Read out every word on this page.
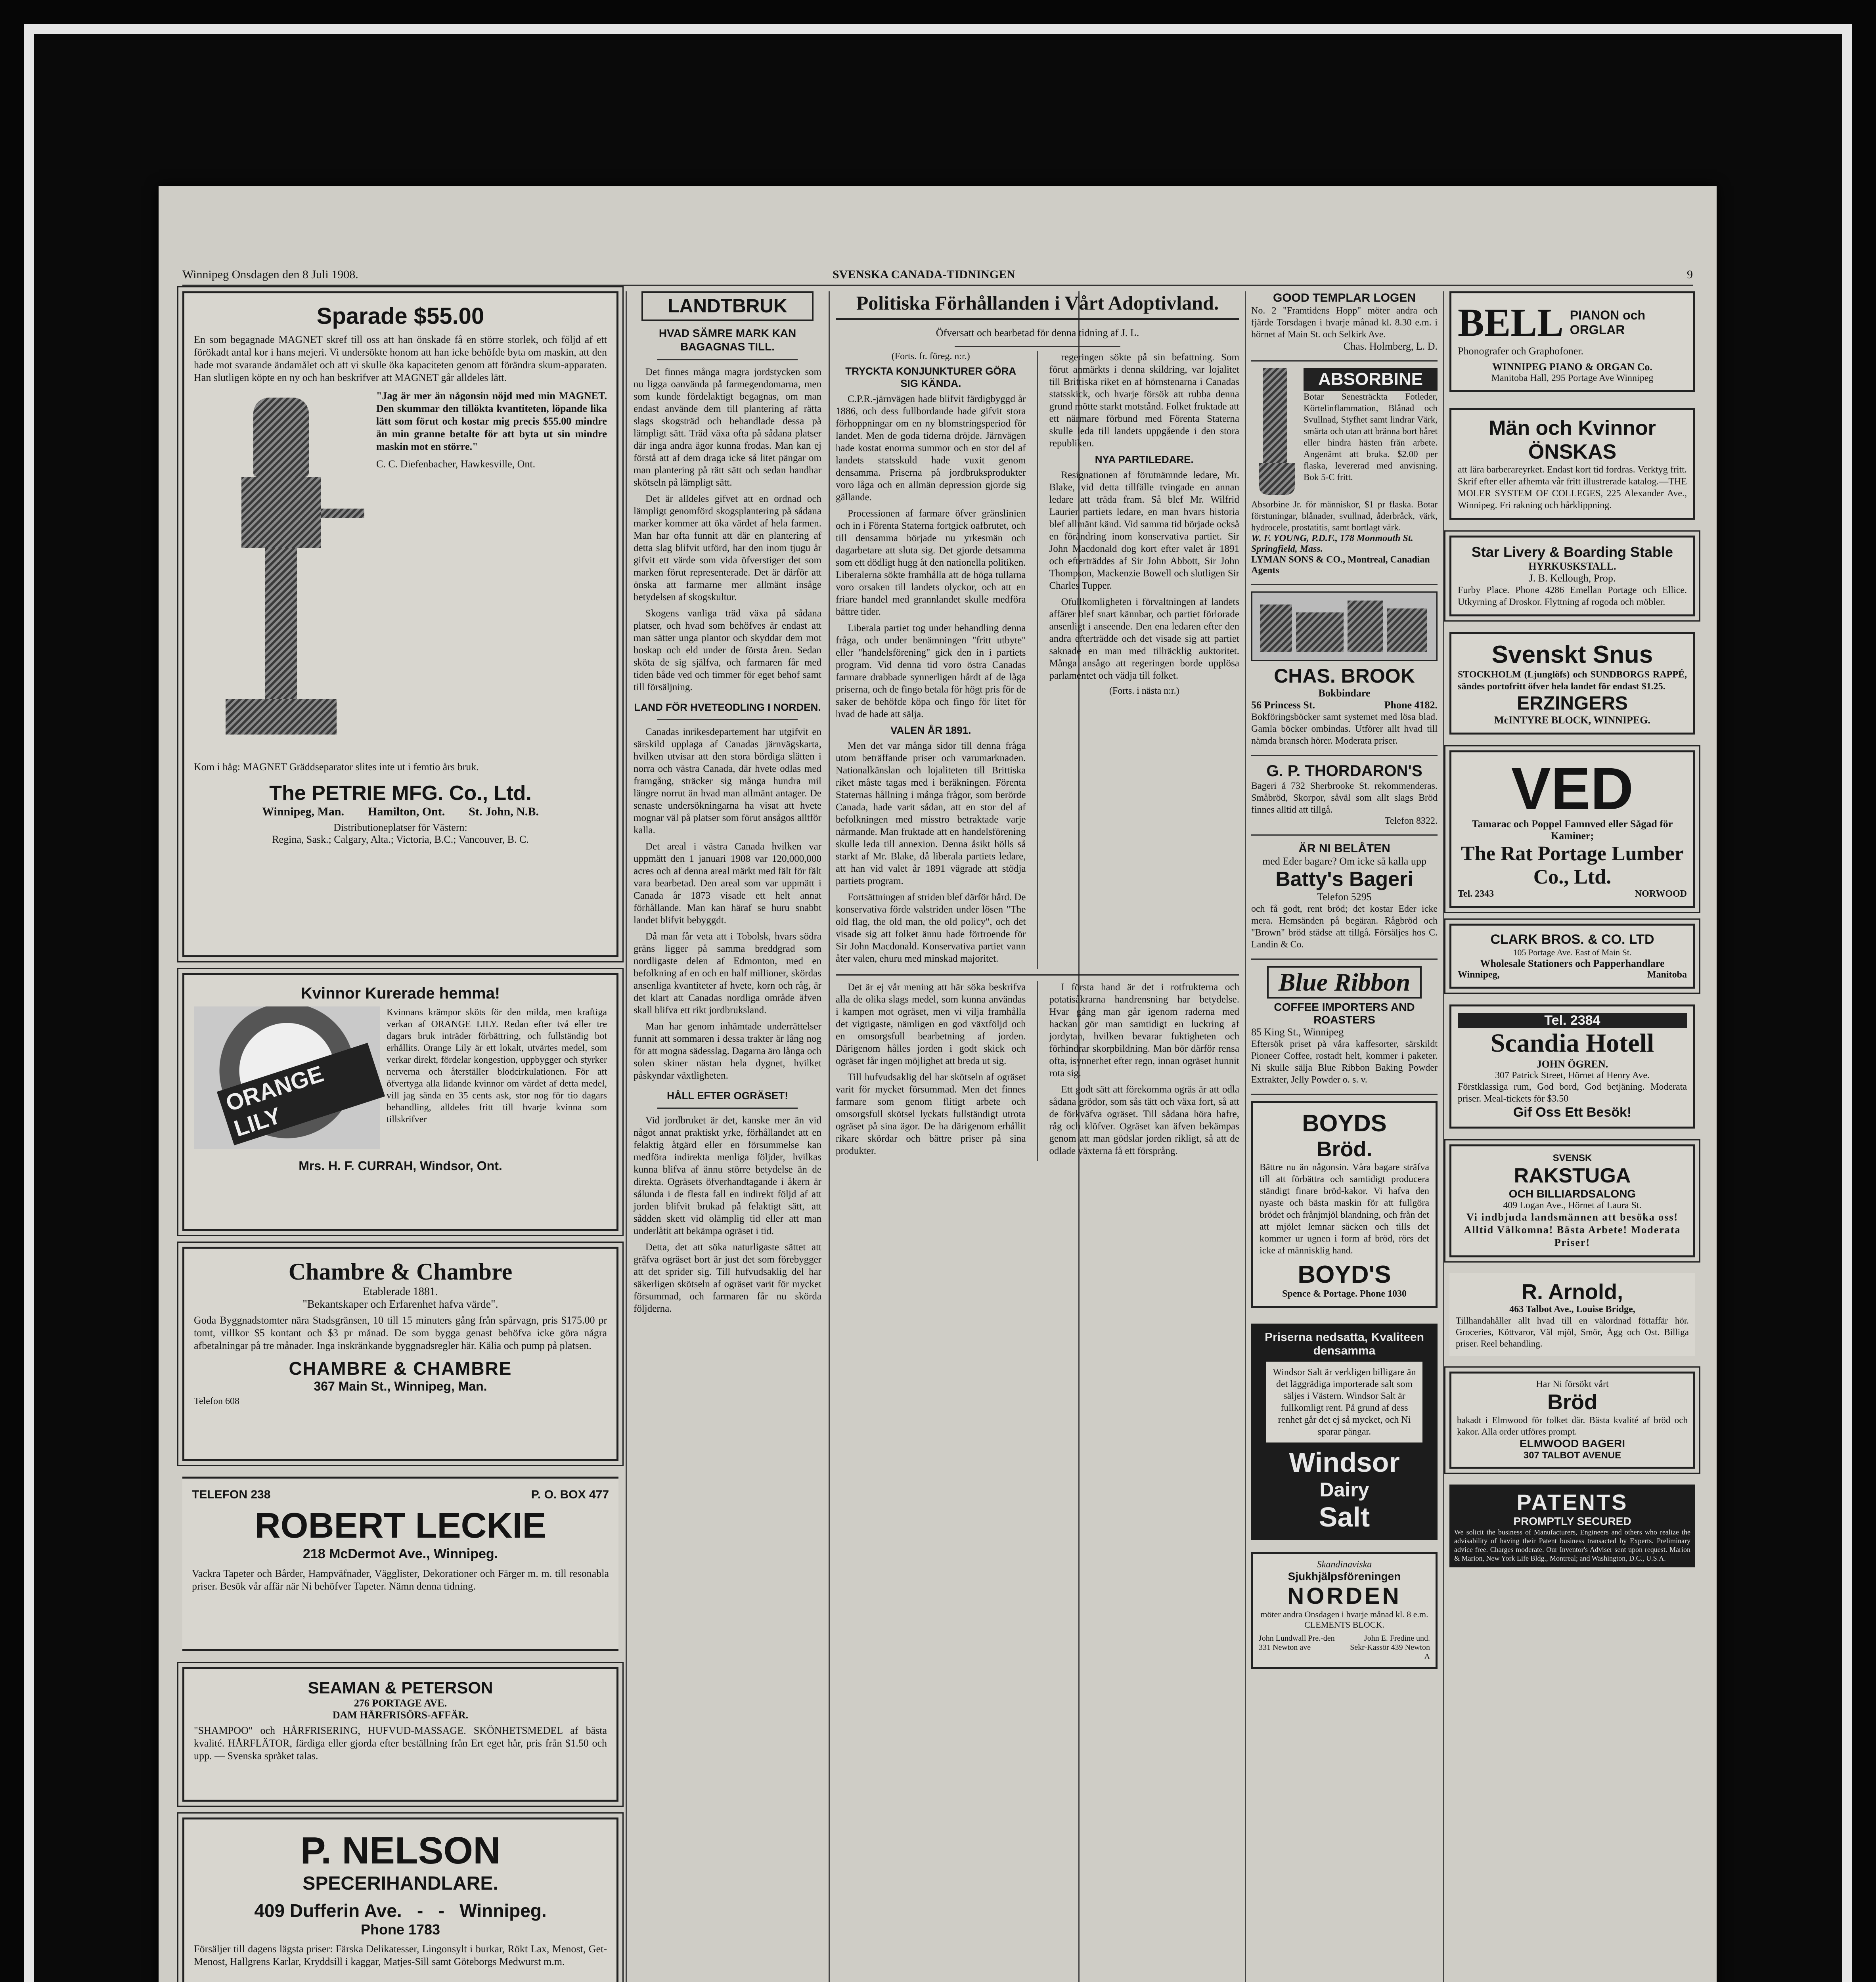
Winnipeg Onsdagen den 8 Juli 1908.	SVENSKA CANADA-TIDNINGEN	9
Sparade $55.00
En som begagnade MAGNET skref till oss att han önskade få en större storlek, och följd af ett förökadt antal kor i hans mejeri. Vi undersökte honom att han icke behöfde byta om maskin, att den hade mot svarande ändamålet och att vi skulle öka kapaciteten genom att förändra skum-apparaten. Han slutligen köpte en ny och han beskrifver att MAGNET går alldeles lätt.
"Jag är mer än någonsin nöjd med min MAGNET. Den skummar den tillökta kvantiteten, löpande lika lätt som förut och kostar mig precis $55.00 mindre än min granne betalte för att byta ut sin mindre maskin mot en större."
C. C. Diefenbacher, Hawkesville, Ont.
Kom i håg: MAGNET Gräddseparator slites inte ut i femtio års bruk.
The PETRIE MFG. Co., Ltd.
Winnipeg, Man.        Hamilton, Ont.        St. John, N.B.
Distributioneplatser för Västern:
Regina, Sask.; Calgary, Alta.; Victoria, B.C.; Vancouver, B. C.
Kvinnor Kurerade hemma!
ORANGE LILY
Kvinnans krämpor sköts för den milda, men kraftiga verkan af ORANGE LILY. Redan efter två eller tre dagars bruk inträder förbättring, och fullständig bot erhållits. Orange Lily är ett lokalt, utvärtes medel, som verkar direkt, fördelar kongestion, uppbygger och styrker nerverna och återställer blodcirkulationen. För att öfvertyga alla lidande kvinnor om värdet af detta medel, vill jag sända en 35 cents ask, stor nog för tio dagars behandling, alldeles fritt till hvarje kvinna som tillskrifver
Mrs. H. F. CURRAH, Windsor, Ont.
Chambre & Chambre
Etablerade 1881.
"Bekantskaper och Erfarenhet hafva värde".
Goda Byggnadstomter nära Stadsgränsen, 10 till 15 minuters gång från spårvagn, pris $175.00 pr tomt, villkor $5 kontant och $3 pr månad. De som bygga genast behöfva icke göra några afbetalningar på tre månader. Inga inskränkande byggnadsregler här. Kälia och pump på platsen.
CHAMBRE & CHAMBRE
367 Main St., Winnipeg, Man.
Telefon 608
TELEFON 238	P. O. BOX 477
ROBERT LECKIE
218 McDermot Ave., Winnipeg.
Vackra Tapeter och Bårder, Hampväfnader, Vägglister, Dekorationer och Färger m. m. till resonabla priser. Besök vår affär när Ni behöfver Tapeter. Nämn denna tidning.
SEAMAN & PETERSON
276 PORTAGE AVE.
DAM HÅRFRISÖRS-AFFÄR.
"SHAMPOO" och HÅRFRISERING, HUFVUD-MASSAGE. SKÖNHETSMEDEL af bästa kvalité. HÅRFLÄTOR, färdiga eller gjorda efter beställning från Ert eget hår, pris från $1.50 och upp. — Svenska språket talas.
P. NELSON
SPECERIHANDLARE.
409 Dufferin Ave.   -   -   Winnipeg.
Phone 1783
Försäljer till dagens lägsta priser: Färska Delikatesser, Lingonsylt i burkar, Rökt Lax, Menost, Get-Menost, Hallgrens Karlar, Kryddsill i kaggar, Matjes-Sill samt Göteborgs Medwurst m.m.
LANDTBRUK
HVAD SÄMRE MARK KAN BAGAGNAS TILL.

Det finnes många magra jordstycken som nu ligga oanvända på farmegendomarna, men som kunde fördelaktigt begagnas, om man endast använde dem till plantering af rätta slags skogsträd och behandlade dessa på lämpligt sätt. Träd växa ofta på sådana platser där inga andra ägor kunna frodas. Man kan ej förstå att af dem draga icke så litet pängar om man plantering på rätt sätt och sedan handhar skötseln på lämpligt sätt.

Det är alldeles gifvet att en ordnad och lämpligt genomförd skogsplantering på sådana marker kommer att öka värdet af hela farmen. Man har ofta funnit att där en plantering af detta slag blifvit utförd, har den inom tjugu år gifvit ett värde som vida öfverstiger det som marken förut representerade. Det är därför att önska att farmarne mer allmänt insåge betydelsen af skogskultur.

Skogens vanliga träd växa på sådana platser, och hvad som behöfves är endast att man sätter unga plantor och skyddar dem mot boskap och eld under de första åren. Sedan sköta de sig själfva, och farmaren får med tiden både ved och timmer för eget behof samt till försäljning.

LAND FÖR HVETEODLING I NORDEN.

Canadas inrikesdepartement har utgifvit en särskild upplaga af Canadas järnvägskarta, hvilken utvisar att den stora bördiga slätten i norra och västra Canada, där hvete odlas med framgång, sträcker sig många hundra mil längre norrut än hvad man allmänt antager. De senaste undersökningarna ha visat att hvete mognar väl på platser som förut ansågos alltför kalla.

Det areal i västra Canada hvilken var uppmätt den 1 januari 1908 var 120,000,000 acres och af denna areal märkt med fält för fält vara bearbetad. Den areal som var uppmätt i Canada år 1873 visade ett helt annat förhållande. Man kan häraf se huru snabbt landet blifvit bebyggdt.

Då man får veta att i Tobolsk, hvars södra gräns ligger på samma breddgrad som nordligaste delen af Edmonton, med en befolkning af en och en half millioner, skördas ansenliga kvantiteter af hvete, korn och råg, är det klart att Canadas nordliga område äfven skall blifva ett rikt jordbruksland.

Man har genom inhämtade underrättelser funnit att sommaren i dessa trakter är lång nog för att mogna sädesslag. Dagarna äro långa och solen skiner nästan hela dygnet, hvilket påskyndar växtligheten.

HÅLL EFTER OGRÄSET!

Vid jordbruket är det, kanske mer än vid något annat praktiskt yrke, förhållandet att en felaktig åtgärd eller en försummelse kan medföra indirekta menliga följder, hvilkas kunna blifva af ännu större betydelse än de direkta. Ogräsets öfverhandtagande i åkern är sålunda i de flesta fall en indirekt följd af att jorden blifvit brukad på felaktigt sätt, att sådden skett vid olämplig tid eller att man underlåtit att bekämpa ogräset i tid.

Detta, det att söka naturligaste sättet att gräfva ogräset bort är just det som förebygger att det sprider sig. Till hufvudsaklig del har säkerligen skötseln af ogräset varit för mycket försummad, och farmaren får nu skörda följderna.

Politiska Förhållanden i Vårt Adoptivland.
Öfversatt och bearbetad för denna tidning af J. L.
(Forts. fr. föreg. n:r.)
TRYCKTA KONJUNKTURER GÖRA SIG KÄNDA.

C.P.R.-järnvägen hade blifvit färdigbyggd år 1886, och dess fullbordande hade gifvit stora förhoppningar om en ny blomstringsperiod för landet. Men de goda tiderna dröjde. Järnvägen hade kostat enorma summor och en stor del af landets statsskuld hade vuxit genom densamma. Priserna på jordbruksprodukter voro låga och en allmän depression gjorde sig gällande.

Processionen af farmare öfver gränslinien och in i Förenta Staterna fortgick oafbrutet, och till densamma började nu yrkesmän och dagarbetare att sluta sig. Det gjorde detsamma som ett dödligt hugg åt den nationella politiken. Liberalerna sökte framhålla att de höga tullarna voro orsaken till landets olyckor, och att en friare handel med grannlandet skulle medföra bättre tider.

Liberala partiet tog under behandling denna fråga, och under benämningen "fritt utbyte" eller "handelsförening" gick den in i partiets program. Vid denna tid voro östra Canadas farmare drabbade synnerligen hårdt af de låga priserna, och de fingo betala för högt pris för de saker de behöfde köpa och fingo för litet för hvad de hade att sälja.

VALEN ÅR 1891.

Men det var många sidor till denna fråga utom beträffande priser och varumarknaden. Nationalkänslan och lojaliteten till Brittiska riket måste tagas med i beräkningen. Förenta Staternas hållning i många frågor, som berörde Canada, hade varit sådan, att en stor del af befolkningen med misstro betraktade varje närmande. Man fruktade att en handelsförening skulle leda till annexion. Denna åsikt hölls så starkt af Mr. Blake, då liberala partiets ledare, att han vid valet år 1891 vägrade att stödja partiets program.

Fortsättningen af striden blef därför hård. De konservativa förde valstriden under lösen "The old flag, the old man, the old policy", och det visade sig att folket ännu hade förtroende för Sir John Macdonald. Konservativa partiet vann åter valen, ehuru med minskad majoritet.

regeringen sökte på sin befattning. Som förut anmärkts i denna skildring, var lojalitet till Brittiska riket en af hörnstenarna i Canadas statsskick, och hvarje försök att rubba denna grund mötte starkt motstånd. Folket fruktade att ett närmare förbund med Förenta Staterna skulle leda till landets uppgående i den stora republiken.

NYA PARTILEDARE.

Resignationen af förutnämnde ledare, Mr. Blake, vid detta tillfälle tvingade en annan ledare att träda fram. Så blef Mr. Wilfrid Laurier partiets ledare, en man hvars historia blef allmänt känd. Vid samma tid började också en förändring inom konservativa partiet. Sir John Macdonald dog kort efter valet år 1891 och efterträddes af Sir John Abbott, Sir John Thompson, Mackenzie Bowell och slutligen Sir Charles Tupper.

Ofullkomligheten i förvaltningen af landets affärer blef snart kännbar, och partiet förlorade ansenligt i anseende. Den ena ledaren efter den andra efterträdde och det visade sig att partiet saknade en man med tillräcklig auktoritet. Många ansågo att regeringen borde upplösa parlamentet och vädja till folket.

(Forts. i nästa n:r.)

Det är ej vår mening att här söka beskrifva alla de olika slags medel, som kunna användas i kampen mot ogräset, men vi vilja framhålla det vigtigaste, nämligen en god växtföljd och en omsorgsfull bearbetning af jorden. Därigenom hålles jorden i godt skick och ogräset får ingen möjlighet att breda ut sig.

Till hufvudsaklig del har skötseln af ogräset varit för mycket försummad. Men det finnes farmare som genom flitigt arbete och omsorgsfull skötsel lyckats fullständigt utrota ogräset på sina ägor. De ha därigenom erhållit rikare skördar och bättre priser på sina produkter.

I första hand är det i rotfrukterna och potatisåkrarna handrensning har betydelse. Hvar gång man går igenom raderna med hackan gör man samtidigt en luckring af jordytan, hvilken bevarar fuktigheten och förhindrar skorpbildning. Man bör därför rensa ofta, isynnerhet efter regn, innan ogräset hunnit rota sig.

Ett godt sätt att förekomma ogräs är att odla sådana grödor, som sås tätt och växa fort, så att de förkväfva ogräset. Till sådana höra hafre, råg och klöfver. Ogräset kan äfven bekämpas genom att man gödslar jorden rikligt, så att de odlade växterna få ett försprång.

GOOD TEMPLAR LOGEN
No. 2 "Framtidens Hopp" möter andra och fjärde Torsdagen i hvarje månad kl. 8.30 e.m. i hörnet af Main St. och Selkirk Ave.
Chas. Holmberg, L. D.
ABSORBINE
Botar Senesträckta Fotleder, Körtelinflammation, Blånad och Svullnad, Styfhet samt lindrar Värk, smärta och utan att bränna bort håret eller hindra hästen från arbete. Angenämt att bruka. $2.00 per flaska, levererad med anvisning. Bok 5-C fritt.
Absorbine Jr. för människor, $1 pr flaska. Botar förstuningar, blånader, svullnad, åderbråck, värk, hydrocele, prostatitis, samt bortlagt värk.
W. F. YOUNG, P.D.F., 178 Monmouth St. Springfield, Mass.
LYMAN SONS & CO., Montreal, Canadian Agents
CHAS. BROOK
Bokbindare
56 Princess St.	Phone 4182.
Bokföringsböcker samt systemet med lösa blad. Gamla böcker ombindas. Utförer allt hvad till nämda bransch hörer. Moderata priser.
G. P. THORDARON'S
Bageri å 732 Sherbrooke St. rekommenderas. Småbröd, Skorpor, såväl som allt slags Bröd finnes alltid att tillgå.
Telefon 8322.
ÄR NI BELÅTEN
med Eder bagare? Om icke så kalla upp
Batty's Bageri
Telefon 5295
och få godt, rent bröd; det kostar Eder icke mera. Hemsänden på begäran. Rågbröd och "Brown" bröd städse att tillgå. Försäljes hos C. Landin & Co.
Blue Ribbon
COFFEE IMPORTERS AND ROASTERS
85 King St., Winnipeg
Eftersök priset på våra kaffesorter, särskildt Pioneer Coffee, rostadt helt, kommer i paketer. Ni skulle sälja Blue Ribbon Baking Powder Extrakter, Jelly Powder o. s. v.
BOYDS
Bröd.
Bättre nu än någonsin. Våra bagare sträfva till att förbättra och samtidigt producera ständigt finare bröd-kakor. Vi hafva den nyaste och bästa maskin för att fullgöra brödet och frånjmjöl blandning, och från det att mjölet lemnar säcken och tills det kommer ur ugnen i form af bröd, rörs det icke af människlig hand.
BOYD'S
Spence & Portage. Phone 1030
Priserna nedsatta, Kvaliteen densamma
Windsor Salt är verkligen billigare än det läggrädiga importerade salt som säljes i Västern. Windsor Salt är fullkomligt rent. På grund af dess renhet går det ej så mycket, och Ni sparar pängar.
Windsor
Dairy
Salt
Skandinaviska
Sjukhjälpsföreningen
NORDEN
möter andra Onsdagen i hvarje månad kl. 8 e.m. CLEMENTS BLOCK.
John Lundwall Pre.-den 331 Newton ave
John E. Fredine und. Sekr-Kassör 439 Newton A
BELL PIANON och ORGLAR
Phonografer och Graphofoner.
WINNIPEG PIANO & ORGAN Co.
Manitoba Hall, 295 Portage Ave Winnipeg
Män och Kvinnor ÖNSKAS
att lära barberareyrket. Endast kort tid fordras. Verktyg fritt. Skrif efter eller afhemta vår fritt illustrerade katalog.—THE MOLER SYSTEM OF COLLEGES, 225 Alexander Ave., Winnipeg. Fri rakning och hårklippning.
Star Livery & Boarding Stable
HYRKUSKSTALL.
J. B. Kellough, Prop.
Furby Place. Phone 4286 Emellan Portage och Ellice. Utkyrning af Droskor. Flyttning af rogoda och möbler.
Svenskt Snus
STOCKHOLM (Ljunglöfs) och SUNDBORGS RAPPÉ, sändes portofritt öfver hela landet för endast $1.25.
ERZINGERS
McINTYRE BLOCK, WINNIPEG.
VED
Tamarac och Poppel Famnved eller Sågad för Kaminer;
The Rat Portage Lumber Co., Ltd.
Tel. 2343	NORWOOD
CLARK BROS. & CO. LTD
105 Portage Ave. East of Main St.
Wholesale Stationers och Papperhandlare
Winnipeg,	Manitoba
Tel. 2384
Scandia Hotell
JOHN ÖGREN.
307 Patrick Street, Hörnet af Henry Ave.
Förstklassiga rum, God bord, God betjäning. Moderata priser. Meal-tickets för $3.50
Gif Oss Ett Besök!
SVENSK
RAKSTUGA
OCH BILLIARDSALONG
409 Logan Ave., Hörnet af Laura St.
Vi indbjuda landsmännen att besöka oss! Alltid Välkomna! Bästa Arbete! Moderata Priser!
R. Arnold,
463 Talbot Ave., Louise Bridge,
Tillhandahåller allt hvad till en välordnad föttaffär hör. Groceries, Köttvaror, Väl mjöl, Smör, Ägg och Ost. Billiga priser. Reel behandling.
Har Ni försökt vårt
Bröd
bakadt i Elmwood för folket där. Bästa kvalité af bröd och kakor. Alla order utföres prompt.
ELMWOOD BAGERI
307 TALBOT AVENUE
PATENTS
PROMPTLY SECURED
We solicit the business of Manufacturers, Engineers and others who realize the advisability of having their Patent business transacted by Experts. Preliminary advice free. Charges moderate. Our Inventor's Adviser sent upon request. Marion & Marion, New York Life Bldg., Montreal; and Washington, D.C., U.S.A.
